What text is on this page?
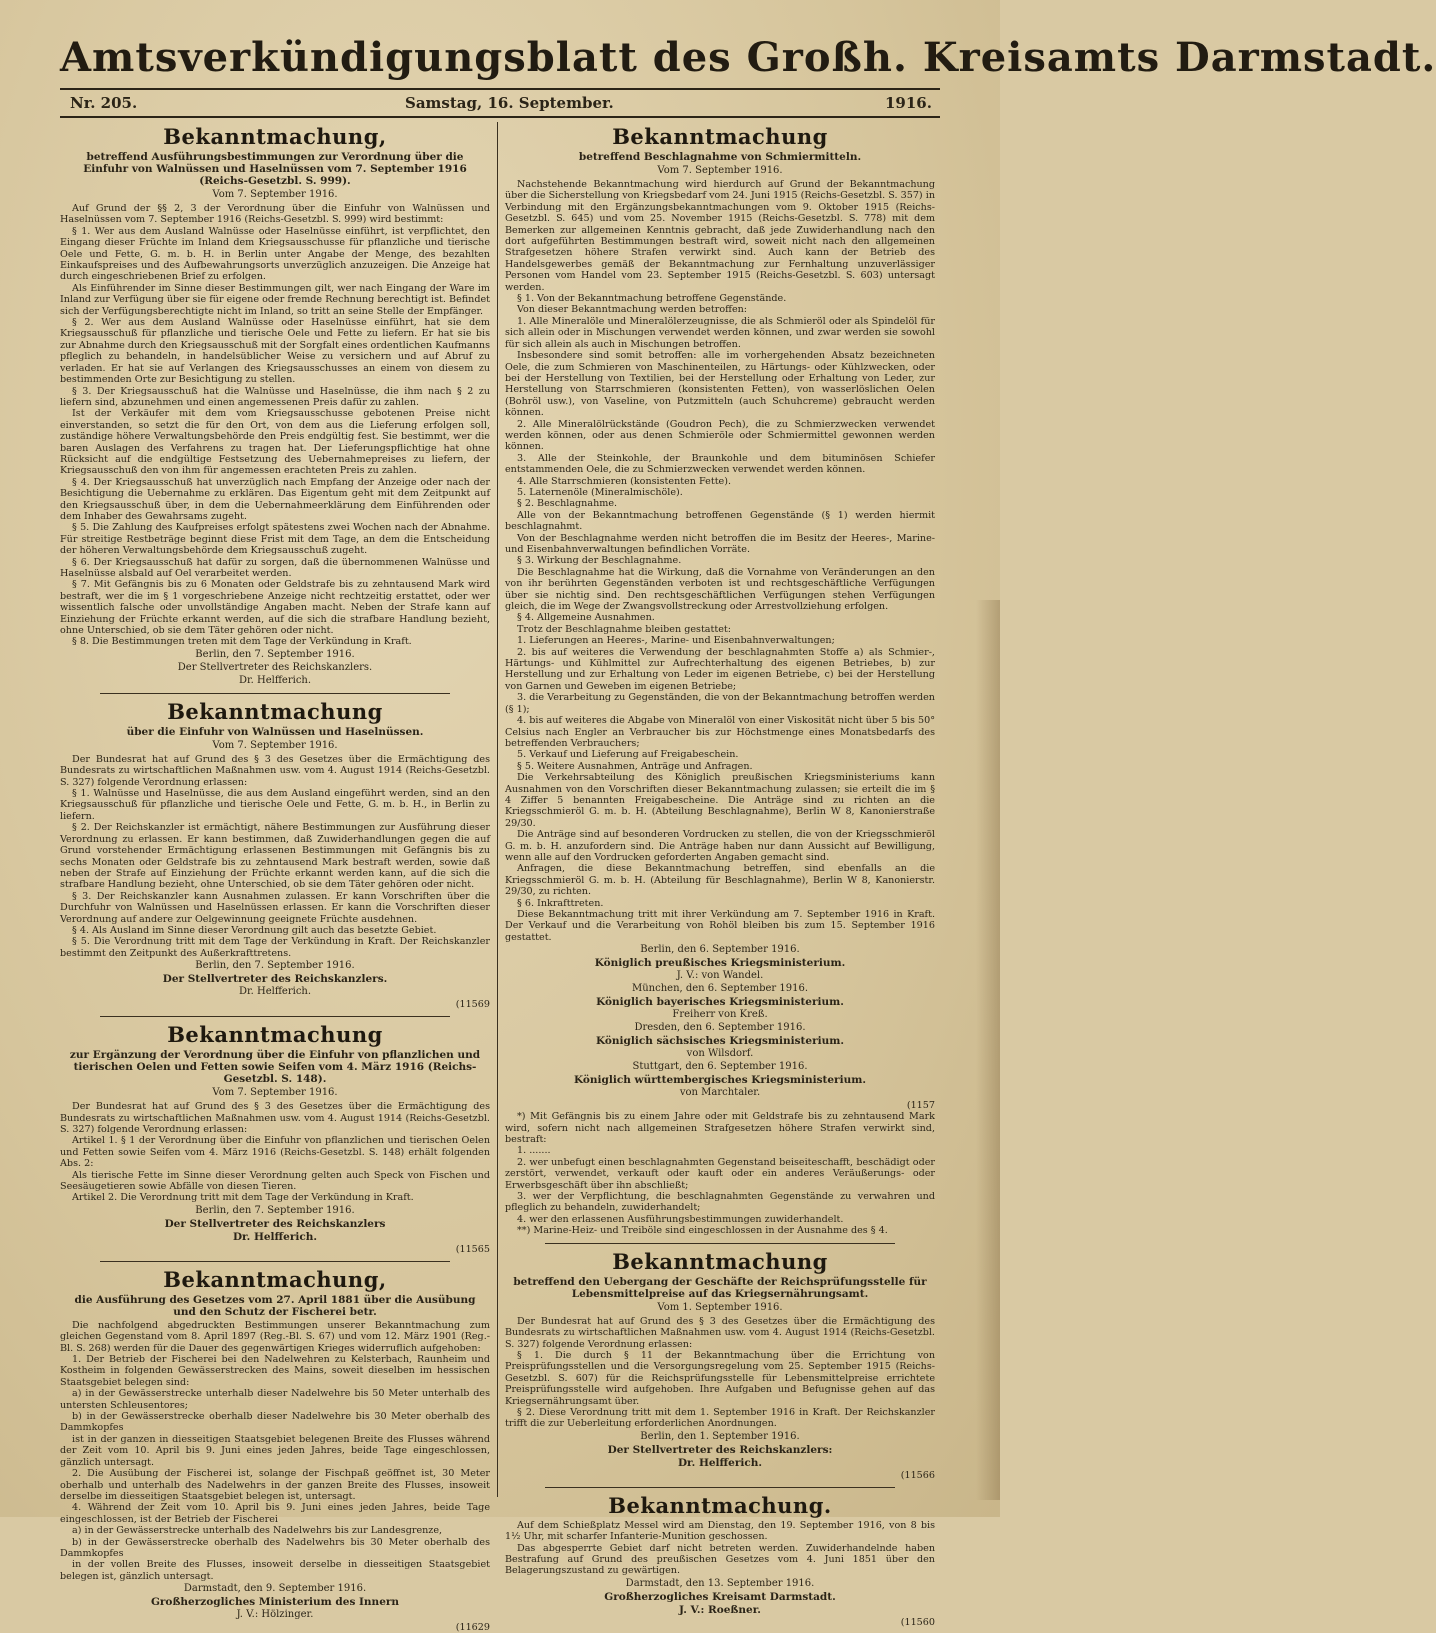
Amtsverkündigungsblatt des Großh. Kreisamts Darmstadt.
Nr. 205.	Samstag, 16. September.	1916.
Bekanntmachung,
betreffend Ausführungsbestimmungen zur Verordnung über die Einfuhr von Walnüssen und Haselnüssen vom 7. September 1916 (Reichs-Gesetzbl. S. 999).
Vom 7. September 1916.

Auf Grund der §§ 2, 3 der Verordnung über die Einfuhr von Walnüssen und Haselnüssen vom 7. September 1916 (Reichs-Gesetzbl. S. 999) wird bestimmt:

§ 1. Wer aus dem Ausland Walnüsse oder Haselnüsse einführt, ist verpflichtet, den Eingang dieser Früchte im Inland dem Kriegsausschusse für pflanzliche und tierische Oele und Fette, G. m. b. H. in Berlin unter Angabe der Menge, des bezahlten Einkaufspreises und des Aufbewahrungsorts unverzüglich anzuzeigen. Die Anzeige hat durch eingeschriebenen Brief zu erfolgen.

Als Einführender im Sinne dieser Bestimmungen gilt, wer nach Eingang der Ware im Inland zur Verfügung über sie für eigene oder fremde Rechnung berechtigt ist. Befindet sich der Verfügungsberechtigte nicht im Inland, so tritt an seine Stelle der Empfänger.

§ 2. Wer aus dem Ausland Walnüsse oder Haselnüsse einführt, hat sie dem Kriegsausschuß für pflanzliche und tierische Oele und Fette zu liefern. Er hat sie bis zur Abnahme durch den Kriegsausschuß mit der Sorgfalt eines ordentlichen Kaufmanns pfleglich zu behandeln, in handelsüblicher Weise zu versichern und auf Abruf zu verladen. Er hat sie auf Verlangen des Kriegsausschusses an einem von diesem zu bestimmenden Orte zur Besichtigung zu stellen.

§ 3. Der Kriegsausschuß hat die Walnüsse und Haselnüsse, die ihm nach § 2 zu liefern sind, abzunehmen und einen angemessenen Preis dafür zu zahlen.

Ist der Verkäufer mit dem vom Kriegsausschusse gebotenen Preise nicht einverstanden, so setzt die für den Ort, von dem aus die Lieferung erfolgen soll, zuständige höhere Verwaltungsbehörde den Preis endgültig fest. Sie bestimmt, wer die baren Auslagen des Verfahrens zu tragen hat. Der Lieferungspflichtige hat ohne Rücksicht auf die endgültige Festsetzung des Uebernahmepreises zu liefern, der Kriegsausschuß den von ihm für angemessen erachteten Preis zu zahlen.

§ 4. Der Kriegsausschuß hat unverzüglich nach Empfang der Anzeige oder nach der Besichtigung die Uebernahme zu erklären. Das Eigentum geht mit dem Zeitpunkt auf den Kriegsausschuß über, in dem die Uebernahmeerklärung dem Einführenden oder dem Inhaber des Gewahrsams zugeht.

§ 5. Die Zahlung des Kaufpreises erfolgt spätestens zwei Wochen nach der Abnahme. Für streitige Restbeträge beginnt diese Frist mit dem Tage, an dem die Entscheidung der höheren Verwaltungsbehörde dem Kriegsausschuß zugeht.

§ 6. Der Kriegsausschuß hat dafür zu sorgen, daß die übernommenen Walnüsse und Haselnüsse alsbald auf Oel verarbeitet werden.

§ 7. Mit Gefängnis bis zu 6 Monaten oder Geldstrafe bis zu zehntausend Mark wird bestraft, wer die im § 1 vorgeschriebene Anzeige nicht rechtzeitig erstattet, oder wer wissentlich falsche oder unvollständige Angaben macht. Neben der Strafe kann auf Einziehung der Früchte erkannt werden, auf die sich die strafbare Handlung bezieht, ohne Unterschied, ob sie dem Täter gehören oder nicht.

§ 8. Die Bestimmungen treten mit dem Tage der Verkündung in Kraft.

Berlin, den 7. September 1916.
Der Stellvertreter des Reichskanzlers.
Dr. Helfferich.
Bekanntmachung
über die Einfuhr von Walnüssen und Haselnüssen.
Vom 7. September 1916.

Der Bundesrat hat auf Grund des § 3 des Gesetzes über die Ermächtigung des Bundesrats zu wirtschaftlichen Maßnahmen usw. vom 4. August 1914 (Reichs-Gesetzbl. S. 327) folgende Verordnung erlassen:

§ 1. Walnüsse und Haselnüsse, die aus dem Ausland eingeführt werden, sind an den Kriegsausschuß für pflanzliche und tierische Oele und Fette, G. m. b. H., in Berlin zu liefern.

§ 2. Der Reichskanzler ist ermächtigt, nähere Bestimmungen zur Ausführung dieser Verordnung zu erlassen. Er kann bestimmen, daß Zuwiderhandlungen gegen die auf Grund vorstehender Ermächtigung erlassenen Bestimmungen mit Gefängnis bis zu sechs Monaten oder Geldstrafe bis zu zehntausend Mark bestraft werden, sowie daß neben der Strafe auf Einziehung der Früchte erkannt werden kann, auf die sich die strafbare Handlung bezieht, ohne Unterschied, ob sie dem Täter gehören oder nicht.

§ 3. Der Reichskanzler kann Ausnahmen zulassen. Er kann Vorschriften über die Durchfuhr von Walnüssen und Haselnüssen erlassen. Er kann die Vorschriften dieser Verordnung auf andere zur Oelgewinnung geeignete Früchte ausdehnen.

§ 4. Als Ausland im Sinne dieser Verordnung gilt auch das besetzte Gebiet.

§ 5. Die Verordnung tritt mit dem Tage der Verkündung in Kraft. Der Reichskanzler bestimmt den Zeitpunkt des Außerkrafttretens.

Berlin, den 7. September 1916.
Der Stellvertreter des Reichskanzlers.
Dr. Helfferich.
(11569
Bekanntmachung
zur Ergänzung der Verordnung über die Einfuhr von pflanzlichen und tierischen Oelen und Fetten sowie Seifen vom 4. März 1916 (Reichs-Gesetzbl. S. 148).
Vom 7. September 1916.

Der Bundesrat hat auf Grund des § 3 des Gesetzes über die Ermächtigung des Bundesrats zu wirtschaftlichen Maßnahmen usw. vom 4. August 1914 (Reichs-Gesetzbl. S. 327) folgende Verordnung erlassen:

Artikel 1. § 1 der Verordnung über die Einfuhr von pflanzlichen und tierischen Oelen und Fetten sowie Seifen vom 4. März 1916 (Reichs-Gesetzbl. S. 148) erhält folgenden Abs. 2:

Als tierische Fette im Sinne dieser Verordnung gelten auch Speck von Fischen und Seesäugetieren sowie Abfälle von diesen Tieren.

Artikel 2. Die Verordnung tritt mit dem Tage der Verkündung in Kraft.

Berlin, den 7. September 1916.
Der Stellvertreter des Reichskanzlers
Dr. Helfferich.
(11565
Bekanntmachung,
die Ausführung des Gesetzes vom 27. April 1881 über die Ausübung und den Schutz der Fischerei betr.

Die nachfolgend abgedruckten Bestimmungen unserer Bekanntmachung zum gleichen Gegenstand vom 8. April 1897 (Reg.-Bl. S. 67) und vom 12. März 1901 (Reg.-Bl. S. 268) werden für die Dauer des gegenwärtigen Krieges widerruflich aufgehoben:

1. Der Betrieb der Fischerei bei den Nadelwehren zu Kelsterbach, Raunheim und Kostheim in folgenden Gewässerstrecken des Mains, soweit dieselben im hessischen Staatsgebiet belegen sind:

a) in der Gewässerstrecke unterhalb dieser Nadelwehre bis 50 Meter unterhalb des untersten Schleusentores;

b) in der Gewässerstrecke oberhalb dieser Nadelwehre bis 30 Meter oberhalb des Dammkopfes

ist in der ganzen in diesseitigen Staatsgebiet belegenen Breite des Flusses während der Zeit vom 10. April bis 9. Juni eines jeden Jahres, beide Tage eingeschlossen, gänzlich untersagt.

2. Die Ausübung der Fischerei ist, solange der Fischpaß geöffnet ist, 30 Meter oberhalb und unterhalb des Nadelwehrs in der ganzen Breite des Flusses, insoweit derselbe im diesseitigen Staatsgebiet belegen ist, untersagt.

4. Während der Zeit vom 10. April bis 9. Juni eines jeden Jahres, beide Tage eingeschlossen, ist der Betrieb der Fischerei

a) in der Gewässerstrecke unterhalb des Nadelwehrs bis zur Landesgrenze,

b) in der Gewässerstrecke oberhalb des Nadelwehrs bis 30 Meter oberhalb des Dammkopfes

in der vollen Breite des Flusses, insoweit derselbe in diesseitigen Staatsgebiet belegen ist, gänzlich untersagt.

Darmstadt, den 9. September 1916.
Großherzogliches Ministerium des Innern
J. V.: Hölzinger.
(11629
Bekanntmachung
betreffend Beschlagnahme von Schmiermitteln.
Vom 7. September 1916.

Nachstehende Bekanntmachung wird hierdurch auf Grund der Bekanntmachung über die Sicherstellung von Kriegsbedarf vom 24. Juni 1915 (Reichs-Gesetzbl. S. 357) in Verbindung mit den Ergänzungsbekanntmachungen vom 9. Oktober 1915 (Reichs-Gesetzbl. S. 645) und vom 25. November 1915 (Reichs-Gesetzbl. S. 778) mit dem Bemerken zur allgemeinen Kenntnis gebracht, daß jede Zuwiderhandlung nach den dort aufgeführten Bestimmungen bestraft wird, soweit nicht nach den allgemeinen Strafgesetzen höhere Strafen verwirkt sind. Auch kann der Betrieb des Handelsgewerbes gemäß der Bekanntmachung zur Fernhaltung unzuverlässiger Personen vom Handel vom 23. September 1915 (Reichs-Gesetzbl. S. 603) untersagt werden.

§ 1. Von der Bekanntmachung betroffene Gegenstände.

Von dieser Bekanntmachung werden betroffen:

1. Alle Mineralöle und Mineralölerzeugnisse, die als Schmieröl oder als Spindelöl für sich allein oder in Mischungen verwendet werden können, und zwar werden sie sowohl für sich allein als auch in Mischungen betroffen.

Insbesondere sind somit betroffen: alle im vorhergehenden Absatz bezeichneten Oele, die zum Schmieren von Maschinenteilen, zu Härtungs- oder Kühlzwecken, oder bei der Herstellung von Textilien, bei der Herstellung oder Erhaltung von Leder, zur Herstellung von Starrschmieren (konsistenten Fetten), von wasserlöslichen Oelen (Bohröl usw.), von Vaseline, von Putzmitteln (auch Schuhcreme) gebraucht werden können.

2. Alle Mineralölrückstände (Goudron Pech), die zu Schmierzwecken verwendet werden können, oder aus denen Schmieröle oder Schmiermittel gewonnen werden können.

3. Alle der Steinkohle, der Braunkohle und dem bituminösen Schiefer entstammenden Oele, die zu Schmierzwecken verwendet werden können.

4. Alle Starrschmieren (konsistenten Fette).

5. Laternenöle (Mineralmischöle).

§ 2. Beschlagnahme.

Alle von der Bekanntmachung betroffenen Gegenstände (§ 1) werden hiermit beschlagnahmt.

Von der Beschlagnahme werden nicht betroffen die im Besitz der Heeres-, Marine- und Eisenbahnverwaltungen befindlichen Vorräte.

§ 3. Wirkung der Beschlagnahme.

Die Beschlagnahme hat die Wirkung, daß die Vornahme von Veränderungen an den von ihr berührten Gegenständen verboten ist und rechtsgeschäftliche Verfügungen über sie nichtig sind. Den rechtsgeschäftlichen Verfügungen stehen Verfügungen gleich, die im Wege der Zwangsvollstreckung oder Arrestvollziehung erfolgen.

§ 4. Allgemeine Ausnahmen.

Trotz der Beschlagnahme bleiben gestattet:

1. Lieferungen an Heeres-, Marine- und Eisenbahnverwaltungen;

2. bis auf weiteres die Verwendung der beschlagnahmten Stoffe a) als Schmier-, Härtungs- und Kühlmittel zur Aufrechterhaltung des eigenen Betriebes, b) zur Herstellung und zur Erhaltung von Leder im eigenen Betriebe, c) bei der Herstellung von Garnen und Geweben im eigenen Betriebe;

3. die Verarbeitung zu Gegenständen, die von der Bekanntmachung betroffen werden (§ 1);

4. bis auf weiteres die Abgabe von Mineralöl von einer Viskosität nicht über 5 bis 50° Celsius nach Engler an Verbraucher bis zur Höchstmenge eines Monatsbedarfs des betreffenden Verbrauchers;

5. Verkauf und Lieferung auf Freigabeschein.

§ 5. Weitere Ausnahmen, Anträge und Anfragen.

Die Verkehrsabteilung des Königlich preußischen Kriegsministeriums kann Ausnahmen von den Vorschriften dieser Bekanntmachung zulassen; sie erteilt die im § 4 Ziffer 5 benannten Freigabescheine. Die Anträge sind zu richten an die Kriegsschmieröl G. m. b. H. (Abteilung Beschlagnahme), Berlin W 8, Kanonierstraße 29/30.

Die Anträge sind auf besonderen Vordrucken zu stellen, die von der Kriegsschmieröl G. m. b. H. anzufordern sind. Die Anträge haben nur dann Aussicht auf Bewilligung, wenn alle auf den Vordrucken geforderten Angaben gemacht sind.

Anfragen, die diese Bekanntmachung betreffen, sind ebenfalls an die Kriegsschmieröl G. m. b. H. (Abteilung für Beschlagnahme), Berlin W 8, Kanonierstr. 29/30, zu richten.

§ 6. Inkrafttreten.

Diese Bekanntmachung tritt mit ihrer Verkündung am 7. September 1916 in Kraft. Der Verkauf und die Verarbeitung von Rohöl bleiben bis zum 15. September 1916 gestattet.

Berlin, den 6. September 1916.
Königlich preußisches Kriegsministerium.
J. V.: von Wandel.
München, den 6. September 1916.
Königlich bayerisches Kriegsministerium.
Freiherr von Kreß.
Dresden, den 6. September 1916.
Königlich sächsisches Kriegsministerium.
von Wilsdorf.
Stuttgart, den 6. September 1916.
Königlich württembergisches Kriegsministerium.
von Marchtaler.
(1157

*) Mit Gefängnis bis zu einem Jahre oder mit Geldstrafe bis zu zehntausend Mark wird, sofern nicht nach allgemeinen Strafgesetzen höhere Strafen verwirkt sind, bestraft:

1. .......

2. wer unbefugt einen beschlagnahmten Gegenstand beiseiteschafft, beschädigt oder zerstört, verwendet, verkauft oder kauft oder ein anderes Veräußerungs- oder Erwerbsgeschäft über ihn abschließt;

3. wer der Verpflichtung, die beschlagnahmten Gegenstände zu verwahren und pfleglich zu behandeln, zuwiderhandelt;

4. wer den erlassenen Ausführungsbestimmungen zuwiderhandelt.

**) Marine-Heiz- und Treiböle sind eingeschlossen in der Ausnahme des § 4.

Bekanntmachung
betreffend den Uebergang der Geschäfte der Reichsprüfungsstelle für Lebensmittelpreise auf das Kriegsernährungsamt.
Vom 1. September 1916.

Der Bundesrat hat auf Grund des § 3 des Gesetzes über die Ermächtigung des Bundesrats zu wirtschaftlichen Maßnahmen usw. vom 4. August 1914 (Reichs-Gesetzbl. S. 327) folgende Verordnung erlassen:

§ 1. Die durch § 11 der Bekanntmachung über die Errichtung von Preisprüfungsstellen und die Versorgungsregelung vom 25. September 1915 (Reichs-Gesetzbl. S. 607) für die Reichsprüfungsstelle für Lebensmittelpreise errichtete Preisprüfungsstelle wird aufgehoben. Ihre Aufgaben und Befugnisse gehen auf das Kriegsernährungsamt über.

§ 2. Diese Verordnung tritt mit dem 1. September 1916 in Kraft. Der Reichskanzler trifft die zur Ueberleitung erforderlichen Anordnungen.

Berlin, den 1. September 1916.
Der Stellvertreter des Reichskanzlers:
Dr. Helfferich.
(11566
Bekanntmachung.

Auf dem Schießplatz Messel wird am Dienstag, den 19. September 1916, von 8 bis 1½ Uhr, mit scharfer Infanterie-Munition geschossen.

Das abgesperrte Gebiet darf nicht betreten werden. Zuwiderhandelnde haben Bestrafung auf Grund des preußischen Gesetzes vom 4. Juni 1851 über den Belagerungszustand zu gewärtigen.

Darmstadt, den 13. September 1916.
Großherzogliches Kreisamt Darmstadt.
J. V.: Roeßner.
(11560
